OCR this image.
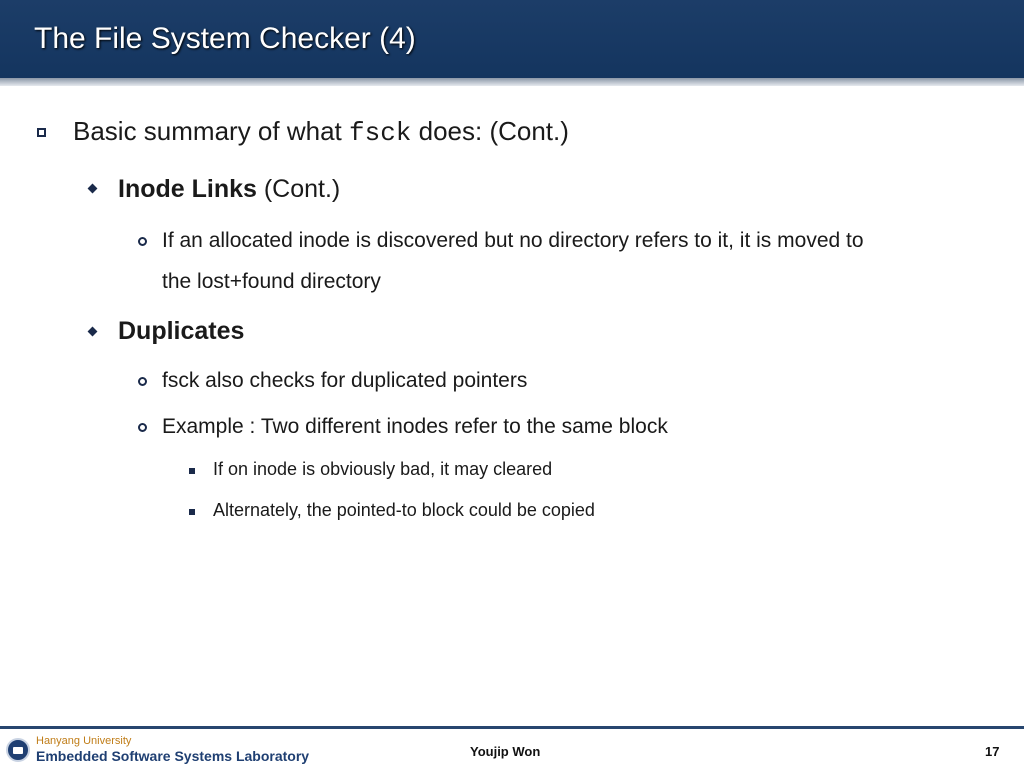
The File System Checker (4)
Basic summary of what fsck does: (Cont.)
Inode Links (Cont.)
If an allocated inode is discovered but no directory refers to it, it is moved to
the lost+found directory
Duplicates
fsck also checks for duplicated pointers
Example : Two different inodes refer to the same block
If on inode is obviously bad, it may cleared
Alternately, the pointed-to block could be copied
Hanyang University
Embedded Software Systems Laboratory	Youjip Won	17
